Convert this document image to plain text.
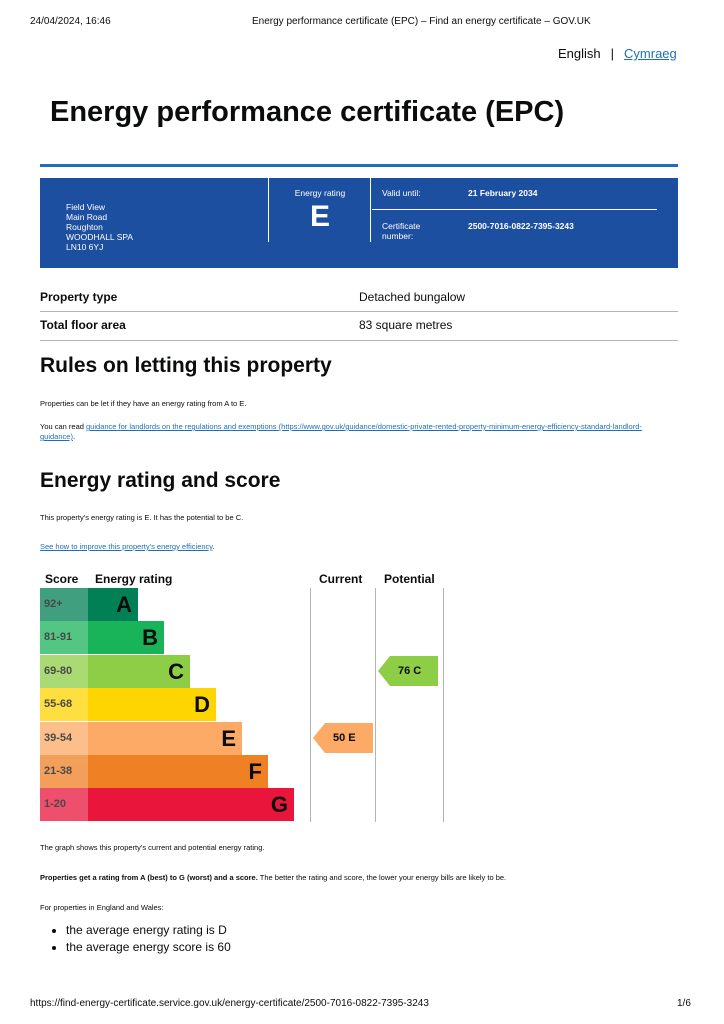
24/04/2024, 16:46	Energy performance certificate (EPC) – Find an energy certificate – GOV.UK
English | Cymraeg
Energy performance certificate (EPC)
Field View
Main Road
Roughton
WOODHALL SPA
LN10 6YJ
Energy rating
E
Valid until:	21 February 2034
Certificate number:
2500-7016-0822-7395-3243
Property type	Detached bungalow
Total floor area	83 square metres
Rules on letting this property
Properties can be let if they have an energy rating from A to E.
You can read guidance for landlords on the regulations and exemptions (https://www.gov.uk/guidance/domestic-private-rented-property-minimum-energy-efficiency-standard-landlord-guidance).
Energy rating and score
This property's energy rating is E. It has the potential to be C.
See how to improve this property's energy efficiency.
Score Energy rating	Current Potential
92+	A
81-91	B
69-80	C
55-68	D
39-54	E
21-38	F
1-20	G
50 E
76 C
The graph shows this property's current and potential energy rating.
Properties get a rating from A (best) to G (worst) and a score. The better the rating and score, the lower your energy bills are likely to be.
For properties in England and Wales:
• the average energy rating is D
• the average energy score is 60
https://find-energy-certificate.service.gov.uk/energy-certificate/2500-7016-0822-7395-3243	1/6
